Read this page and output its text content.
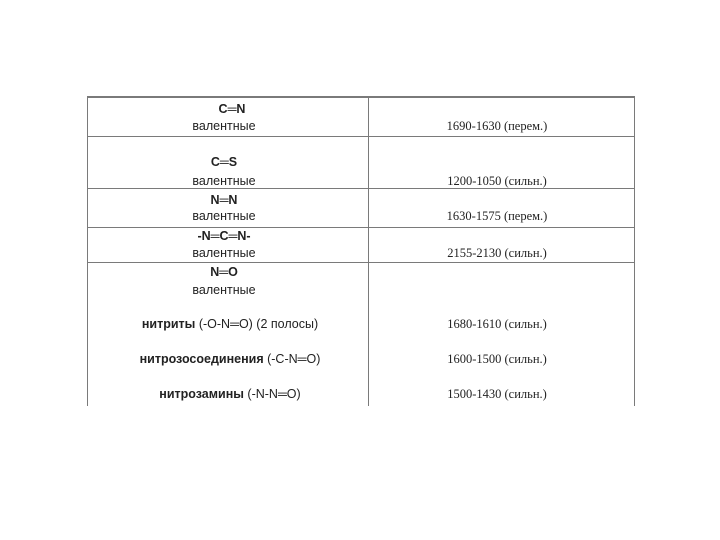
C═N
валентные	1690-1630 (перем.)
C═S
валентные	1200-1050 (сильн.)
N═N
валентные	1630-1575 (перем.)
-N═C═N-
валентные	2155-2130 (сильн.)
N═O
валентные
нитриты (-O-N═O) (2 полосы)	1680-1610 (сильн.)
нитрозосоединения (-C-N═O)	1600-1500 (сильн.)
нитрозамины (-N-N═O)	1500-1430 (сильн.)
